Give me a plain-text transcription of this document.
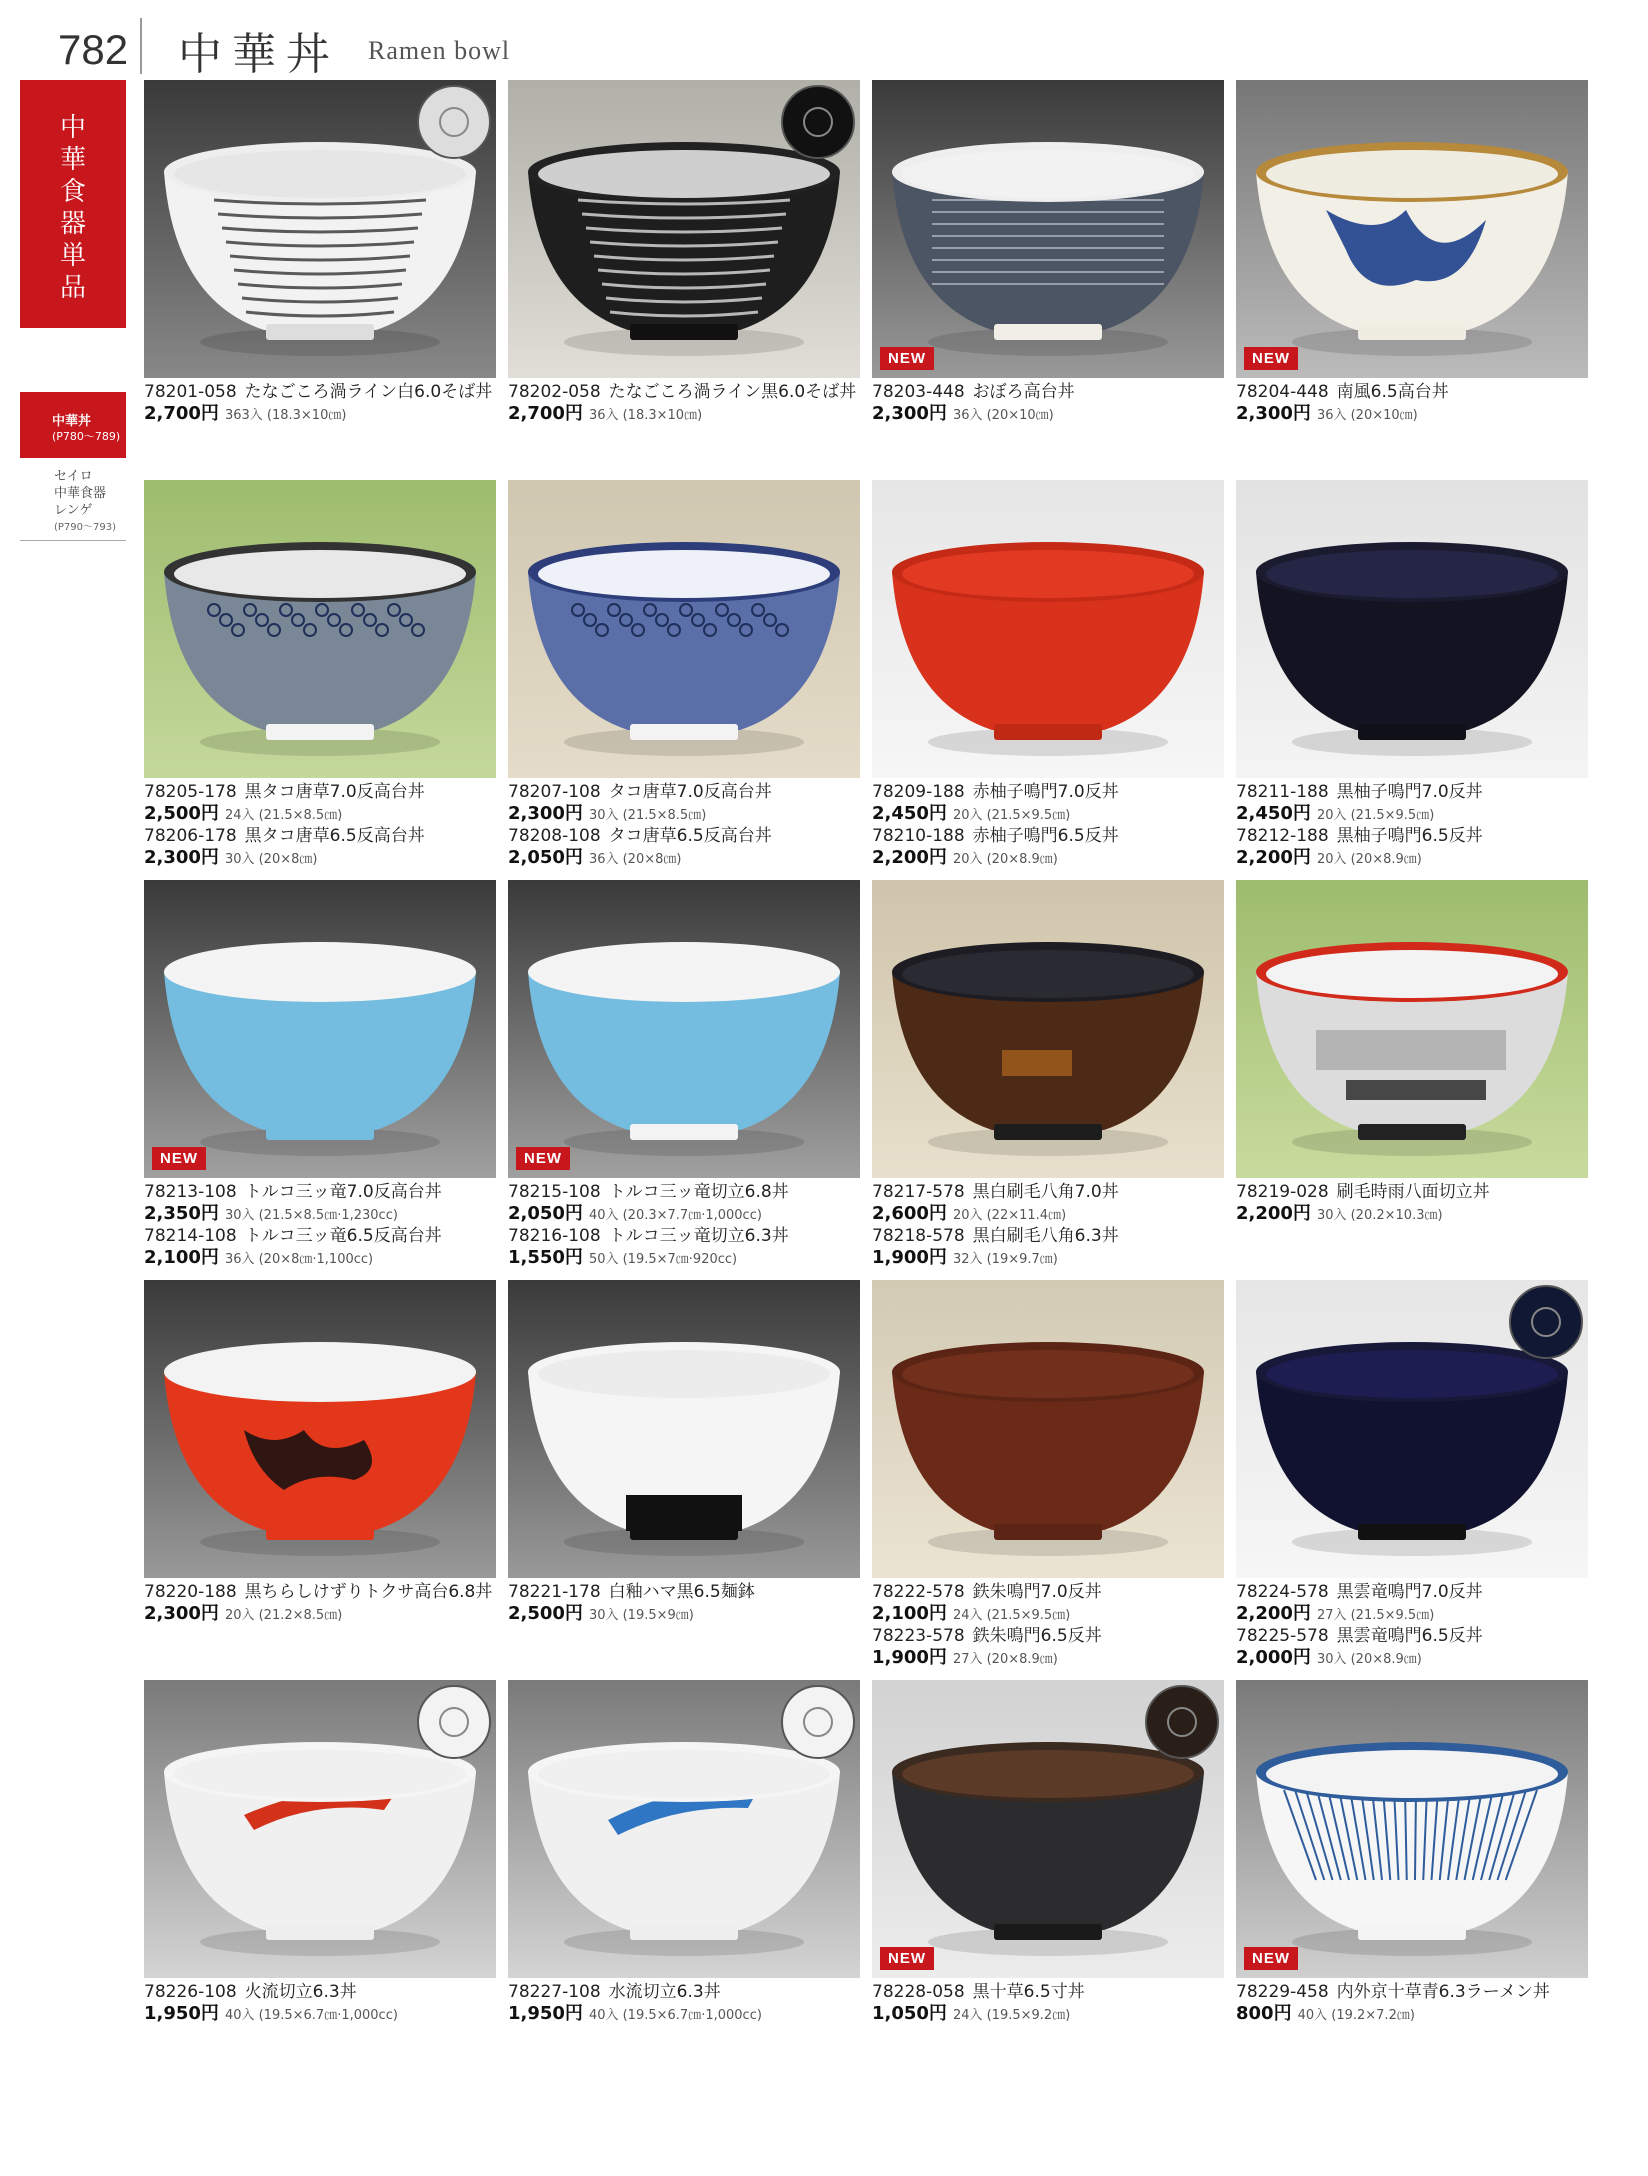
782 中華丼 Ramen bowl
中
華
食
器
単
品
中華丼
(P780〜789)
セイロ
中華食器
レンゲ
(P790〜793)
78201-058 たなごころ渦ライン白6.0そば丼
2,700円 363入 (18.3×10㎝)
78202-058 たなごころ渦ライン黒6.0そば丼
2,700円 36入 (18.3×10㎝)
NEW
78203-448 おぼろ高台丼
2,300円 36入 (20×10㎝)
NEW
78204-448 南風6.5高台丼
2,300円 36入 (20×10㎝)
78205-178 黒タコ唐草7.0反高台丼
2,500円 24入 (21.5×8.5㎝)
78206-178 黒タコ唐草6.5反高台丼
2,300円 30入 (20×8㎝)
78207-108 タコ唐草7.0反高台丼
2,300円 30入 (21.5×8.5㎝)
78208-108 タコ唐草6.5反高台丼
2,050円 36入 (20×8㎝)
78209-188 赤柚子鳴門7.0反丼
2,450円 20入 (21.5×9.5㎝)
78210-188 赤柚子鳴門6.5反丼
2,200円 20入 (20×8.9㎝)
78211-188 黒柚子鳴門7.0反丼
2,450円 20入 (21.5×9.5㎝)
78212-188 黒柚子鳴門6.5反丼
2,200円 20入 (20×8.9㎝)
NEW
78213-108 トルコ三ッ竜7.0反高台丼
2,350円 30入 (21.5×8.5㎝·1,230cc)
78214-108 トルコ三ッ竜6.5反高台丼
2,100円 36入 (20×8㎝·1,100cc)
NEW
78215-108 トルコ三ッ竜切立6.8丼
2,050円 40入 (20.3×7.7㎝·1,000cc)
78216-108 トルコ三ッ竜切立6.3丼
1,550円 50入 (19.5×7㎝·920cc)
78217-578 黒白刷毛八角7.0丼
2,600円 20入 (22×11.4㎝)
78218-578 黒白刷毛八角6.3丼
1,900円 32入 (19×9.7㎝)
78219-028 刷毛時雨八面切立丼
2,200円 30入 (20.2×10.3㎝)
78220-188 黒ちらしけずりトクサ高台6.8丼
2,300円 20入 (21.2×8.5㎝)
78221-178 白釉ハマ黒6.5麺鉢
2,500円 30入 (19.5×9㎝)
78222-578 鉄朱鳴門7.0反丼
2,100円 24入 (21.5×9.5㎝)
78223-578 鉄朱鳴門6.5反丼
1,900円 27入 (20×8.9㎝)
78224-578 黒雲竜鳴門7.0反丼
2,200円 27入 (21.5×9.5㎝)
78225-578 黒雲竜鳴門6.5反丼
2,000円 30入 (20×8.9㎝)
78226-108 火流切立6.3丼
1,950円 40入 (19.5×6.7㎝·1,000cc)
78227-108 水流切立6.3丼
1,950円 40入 (19.5×6.7㎝·1,000cc)
NEW
78228-058 黒十草6.5寸丼
1,050円 24入 (19.5×9.2㎝)
NEW
78229-458 内外京十草青6.3ラーメン丼
800円 40入 (19.2×7.2㎝)
